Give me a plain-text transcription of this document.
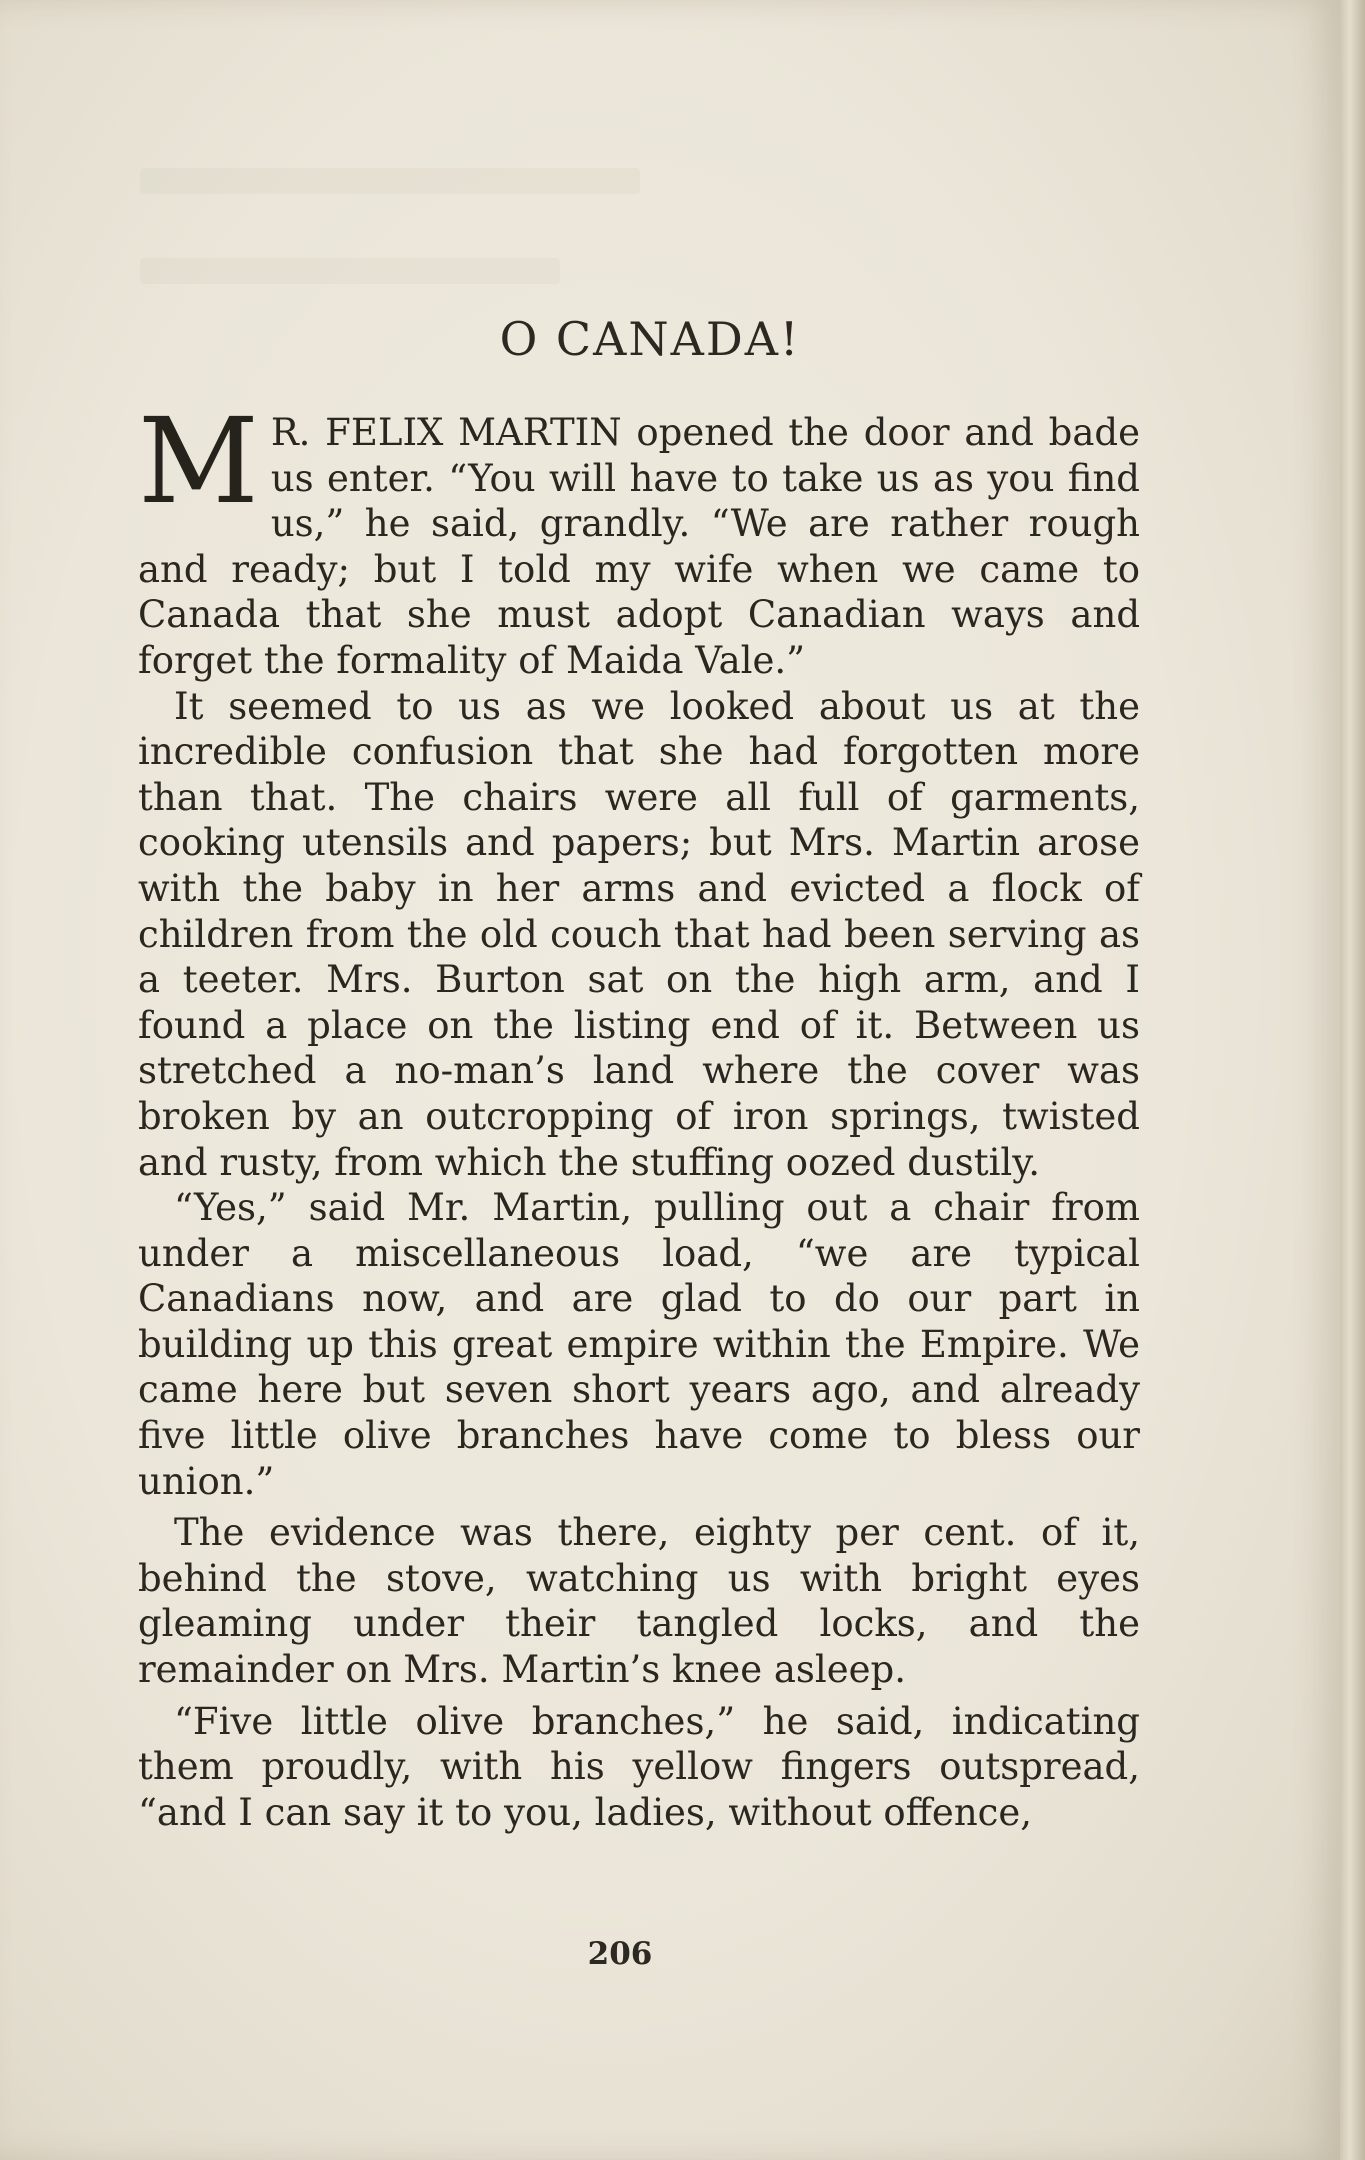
O CANADA!

M R. FELIX MARTIN opened the door and bade us enter. “You will have to take us as you find us,” he said, grandly. “We are rather rough and ready; but I told my wife when we came to Canada that she must adopt Canadian ways and forget the formality of Maida Vale.”

It seemed to us as we looked about us at the incredible confusion that she had forgotten more than that. The chairs were all full of garments, cooking utensils and papers; but Mrs. Martin arose with the baby in her arms and evicted a flock of children from the old couch that had been serving as a teeter. Mrs. Burton sat on the high arm, and I found a place on the listing end of it. Between us stretched a no-man’s land where the cover was broken by an outcropping of iron springs, twisted and rusty, from which the stuffing oozed dustily.

“Yes,” said Mr. Martin, pulling out a chair from under a miscellaneous load, “we are typical Canadians now, and are glad to do our part in building up this great empire within the Empire. We came here but seven short years ago, and already five little olive branches have come to bless our union.”

The evidence was there, eighty per cent. of it, behind the stove, watching us with bright eyes gleaming under their tangled locks, and the remainder on Mrs. Martin’s knee asleep.

“Five little olive branches,” he said, indicating them proudly, with his yellow fingers outspread, “and I can say it to you, ladies, without offence,

206
